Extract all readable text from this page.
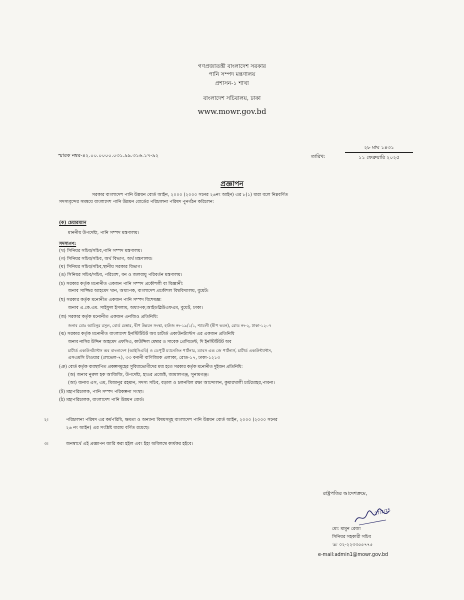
গণপ্রজাতন্ত্রী বাংলাদেশ সরকার
পানি সম্পদ মন্ত্রণালয়
প্রশাসন-১ শাখা
বাংলাদেশ সচিবালয়, ঢাকা
www.mowr.gov.bd
স্মারক নম্বর-৪২.০০.০০০০.০৩১.৯৯.৩১৬.১৭-৯২	তারিখ:
২৮ মাঘ ১৪৩১
১১ ফেব্রুয়ারি ২০২৫
প্রজ্ঞাপন
সরকার বাংলাদেশ পানি উন্নয়ন বোর্ড আইন, ২০০০ (২০০০ সনের ২৬নং আইন) এর ৮(১) ধারা বলে নিম্নবর্ণিত
সদস্যবৃন্দের সমন্বয়ে বাংলাদেশ পানি উন্নয়ন বোর্ডের পরিচালনা পরিষদ পুনর্গঠন করিলেন:
(ক) চেয়ারম্যান
মাননীয় উপদেষ্টা, পানি সম্পদ মন্ত্রণালয়।
সদস্যগণ:
(খ) সিনিয়র সচিব/সচিব,পানি সম্পদ মন্ত্রণালয়।
(গ) সিনিয়র সচিব/সচিব, অর্থ বিভাগ, অর্থ মন্ত্রণালয়।
(ঘ) সিনিয়র সচিব/সচিব,স্থানীয় সরকার বিভাগ।
(ঙ) সিনিয়র সচিব/সচিব, পরিবেশ, বন ও জলবায়ু পরিবর্তন মন্ত্রণালয়।
(চ) সরকার কর্তৃক মনোনীত একজন পানি সম্পদ প্রকৌশলী বা বিজ্ঞানী:
জনাব সাজ্জির আহমেদ খান, অধ্যাপক, বাংলাদেশ প্রকৌশল বিশ্ববিদ্যালয়, বুয়েট।
(ছ) সরকার কর্তৃক মনোনীত একজন পানি সম্পদ বিশেষজ্ঞ:
জনাব এ.কে.এম. সাইফুল ইসলাম, অধ্যাপক,আইডব্লিউএফএম, বুয়েট, ঢাকা।
(জ) সরকার কর্তৃক মনোনীত একজন এনজিও প্রতিনিধি:
জনাব মোঃ আমিনুর রসুল, বোর্ড মেম্বার, দ্বীপ উন্নয়ন সংস্থা, হাউজ নং-১৯/১/১, শ্যামলী (দ্বীপ ভবন), রোড নং-২, ঢাকা-১২০৭
(ঝ) সরকার কর্তৃক মনোনীত বাংলাদেশ ইনস্টিটিউট অব চার্টার্ড একাউনট্যান্টস এর একজন প্রতিনিধি
জনাব নাসির উদ্দিন আহমেদ এফসিএ, কাউন্সিল মেম্বার ও সাবেক প্রেসিডেন্ট, দি ইনস্টিটিউট অব
চার্টার্ড একাউনট্যান্টস অব বাংলাদেশ (আইসিএবি) ও ডেপুটি ম্যানেজিং পার্টনার, ম্যাবস এন্ড জে পার্টনার্স, চার্টার্ড একাউন্ট্যান্টস,
এসএমসি টাওয়ার (লেভেল-৭), ৩৩ বনানী বাণিজ্যিক এলাকা, রোড-১৭, ঢাকা-১২১৩
(ঞ) বোর্ড কর্তৃক ব্যবস্থাপিত প্রকল্পসমূহের সুবিধাভোগীদের মধ্য হতে সরকার কর্তৃক মনোনীত দুইজন প্রতিনিধি:
(অ) জনাব নুরুল হক আজিজি, উপদেষ্টা, হাওর প্রজেক্ট, জামালগঞ্জ, সুনামগঞ্জ।
(আ) জনাব এস, এম, মিজানুর রহমান, সদস্য সচিব, বড়াল ও চলনবিল রক্ষা আন্দোলন, কুমারখালী চাটমোহর,পাবনা।
(ট) মহাপরিচালক, পানি সম্পদ পরিকল্পনা সংস্থা।
(ঠ) মহাপরিচালক, বাংলাদেশ পানি উন্নয়ন বোর্ড।
২।	পরিচালনা পরিষদ এর কর্মপরিধি, ক্ষমতা ও অন্যান্য বিষয়সমূহ বাংলাদেশ পানি উন্নয়ন বোর্ড আইন, ২০০০ (২০০০ সনের
২৬ নং আইন) এর সংশ্লিষ্ট ধারায় বর্ণিত রয়েছে।
৩।	জনস্বার্থে এই প্রজ্ঞাপন জারি করা হইল এবং ইহা অবিলম্বে কার্যকর হইবে।
রাষ্ট্রপতির আদেশক্রমে,
27/2/25
মো: মামুন রেজা
সিনিয়র সহকারী সচিব
☏ ০২-২২৩৩৫৫৭৭৫
e-mail:admin1@mowr.gov.bd
